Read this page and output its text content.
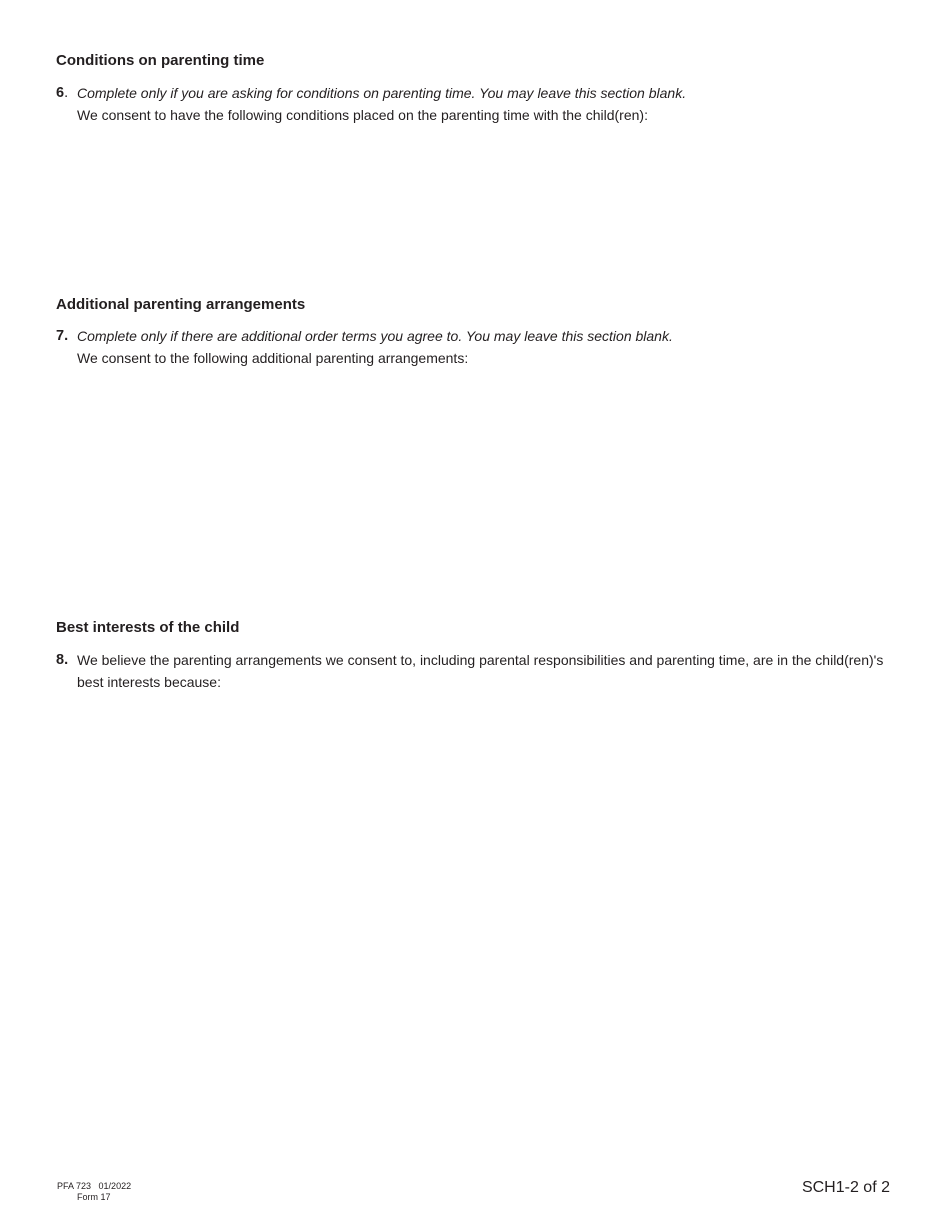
Conditions on parenting time
6. Complete only if you are asking for conditions on parenting time. You may leave this section blank.
We consent to have the following conditions placed on the parenting time with the child(ren):
Additional parenting arrangements
7. Complete only if there are additional order terms you agree to. You may leave this section blank.
We consent to the following additional parenting arrangements:
Best interests of the child
8. We believe the parenting arrangements we consent to, including parental responsibilities and parenting time, are in the child(ren)'s best interests because:
PFA 723 01/2022
Form 17
SCH1-2 of 2
